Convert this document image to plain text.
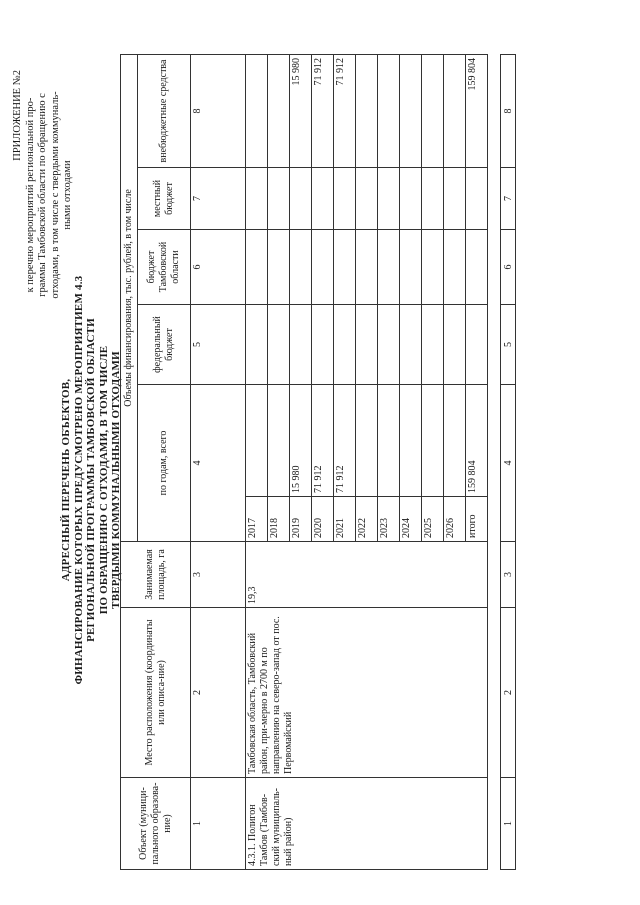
ПРИЛОЖЕНИЕ №2 к перечню мероприятий региональной про- граммы Тамбовской области по обращению с отходами, в том числе с твердыми коммуналь- ными отходами
АДРЕСНЫЙ ПЕРЕЧЕНЬ ОБЪЕКТОВ, ФИНАНСИРОВАНИЕ КОТОРЫХ ПРЕДУСМОТРЕНО МЕРОПРИЯТИЕМ 4.3 РЕГИОНАЛЬНОЙ ПРОГРАММЫ ТАМБОВСКОЙ ОБЛАСТИ ПО ОБРАЩЕНИЮ С ОТХОДАМИ, В ТОМ ЧИСЛЕ ТВЕРДЫМИ КОММУНАЛЬНЫМИ ОТХОДАМИ
Объект (муници-пального образова-ние)	Место расположения (координаты или описа-ние)	Занимаемая площадь, га	Объемы финансирования, тыс. рублей, в том числе					
			по годам, всего		федеральный бюджет	бюджет Тамбовской области	местный бюджет	внебюджетные средства
1	2	3	4		5	6	7	8
4.3.1. Полигон Тамбов (Тамбов-ский муниципаль-ный район)	Тамбовская область, Тамбовский район, при-мерно в 2700 м по направлению на северо-запад от пос. Первомайский	19,3	2017					
			2018					
			2019	15 980				15 980
			2020	71 912				71 912
			2021	71 912				71 912
			2022					
			2023					
			2024					
			2025					
			2026					
			итого	159 804				159 804
1	2	3	4	5	6	7	8
